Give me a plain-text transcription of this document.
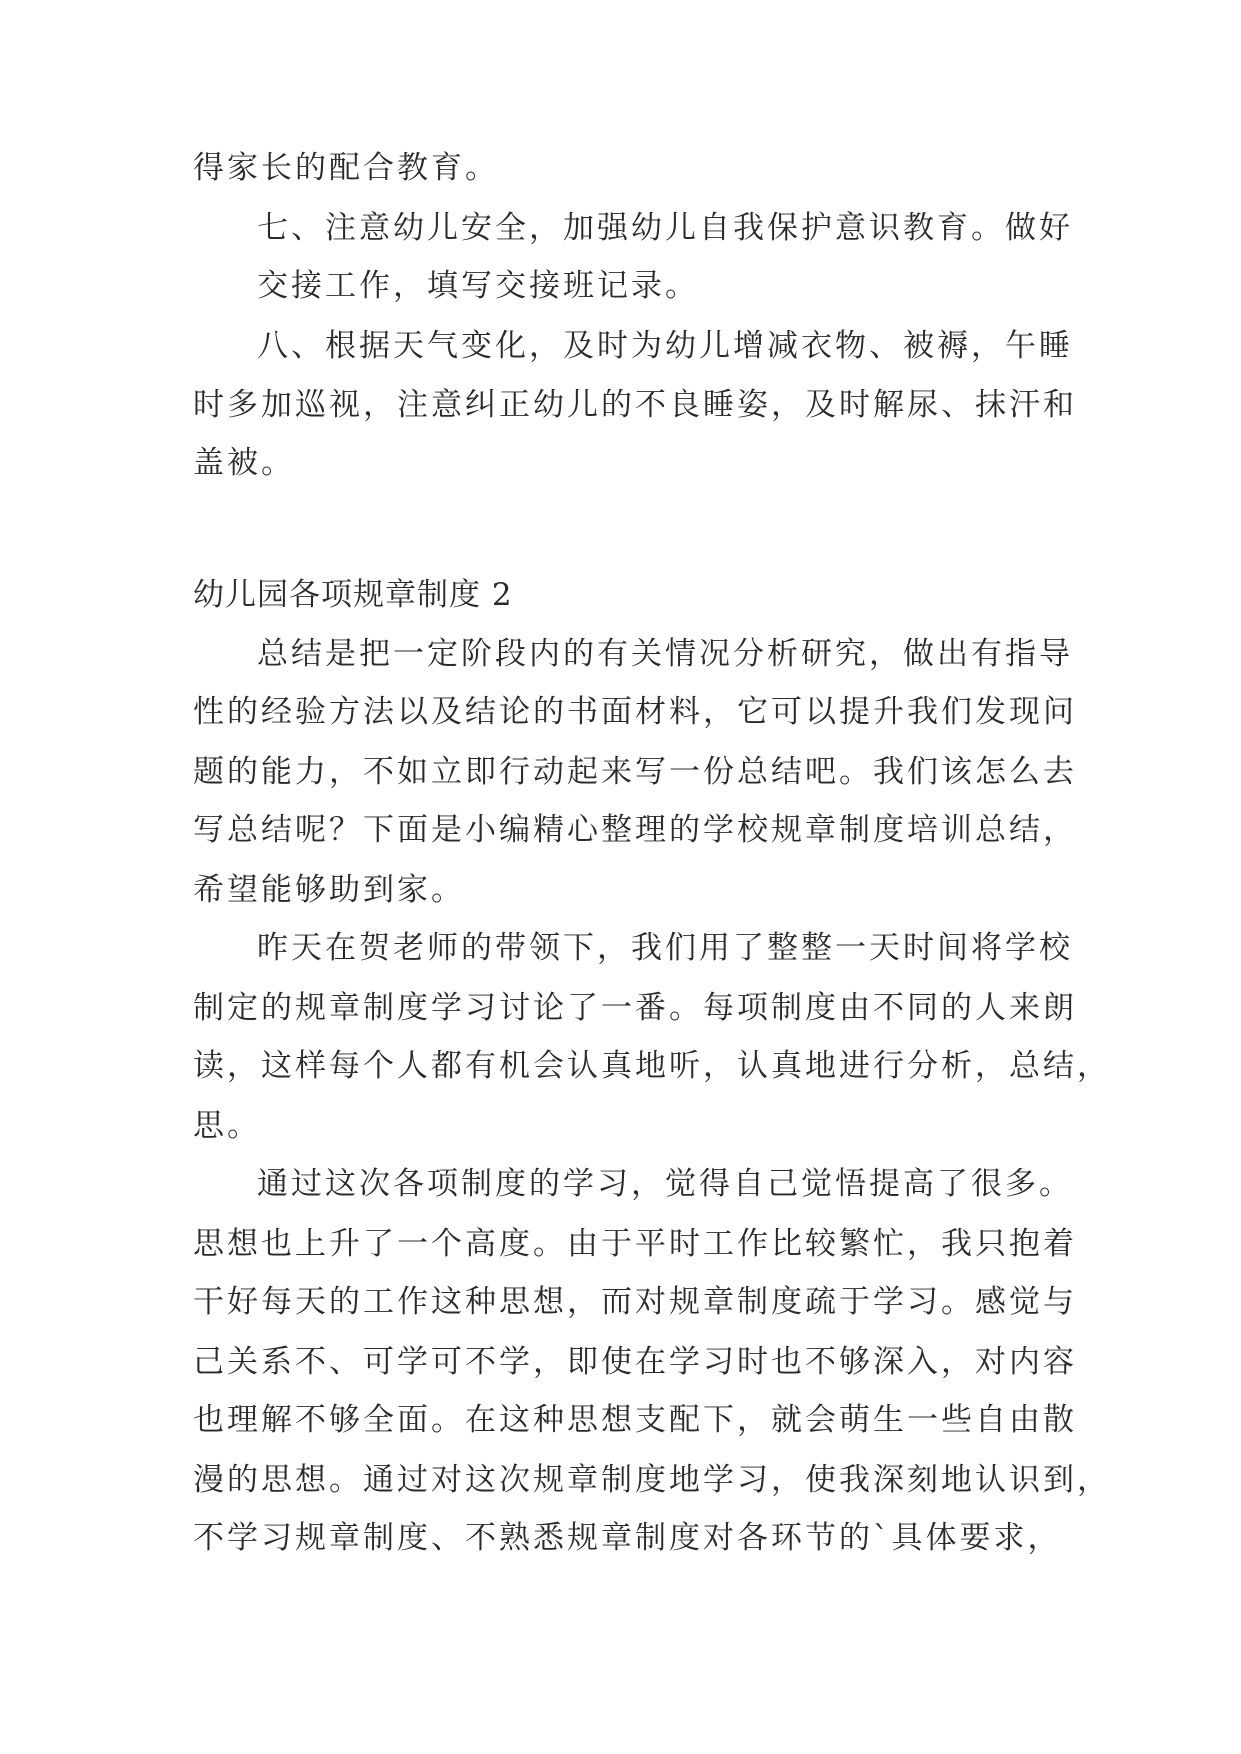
得家长的配合教育。

七、注意幼儿安全，加强幼儿自我保护意识教育。做好

交接工作，填写交接班记录。

八、根据天气变化，及时为幼儿增减衣物、被褥，午睡

时多加巡视，注意纠正幼儿的不良睡姿，及时解尿、抹汗和

盖被。

幼儿园各项规章制度 2

总结是把一定阶段内的有关情况分析研究，做出有指导

性的经验方法以及结论的书面材料，它可以提升我们发现问

题的能力，不如立即行动起来写一份总结吧。我们该怎么去

写总结呢？下面是小编精心整理的学校规章制度培训总结，

希望能够助到家。

昨天在贺老师的带领下，我们用了整整一天时间将学校

制定的规章制度学习讨论了一番。每项制度由不同的人来朗

读，这样每个人都有机会认真地听，认真地进行分析，总结，

思。

通过这次各项制度的学习，觉得自己觉悟提高了很多。

思想也上升了一个高度。由于平时工作比较繁忙，我只抱着

干好每天的工作这种思想，而对规章制度疏于学习。感觉与

己关系不、可学可不学，即使在学习时也不够深入，对内容

也理解不够全面。在这种思想支配下，就会萌生一些自由散

漫的思想。通过对这次规章制度地学习，使我深刻地认识到，

不学习规章制度、不熟悉规章制度对各环节的`具体要求，
